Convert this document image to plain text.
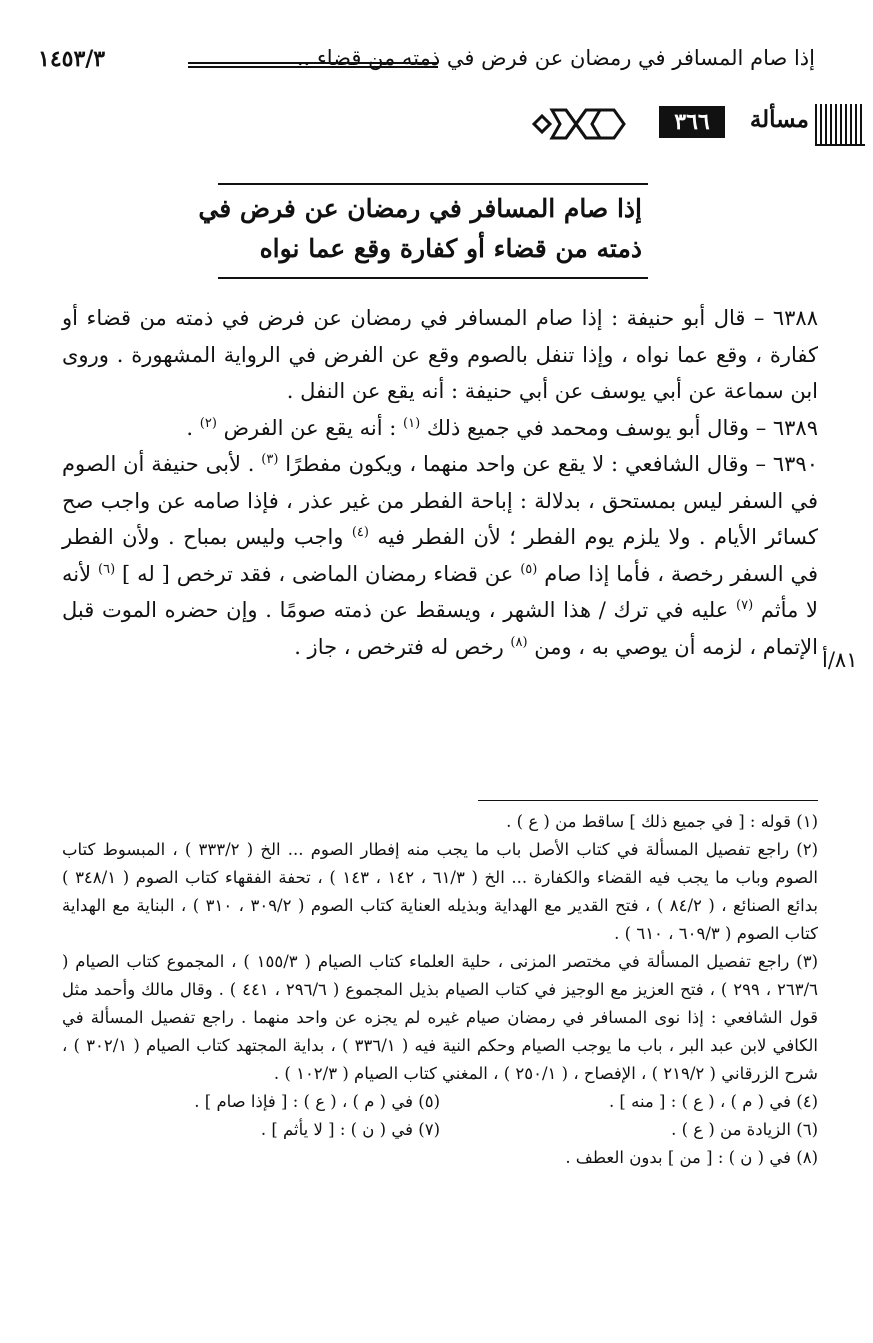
إذا صام المسافر في رمضان عن فرض في ذمته من قضاء ..
١٤٥٣/٣
مسألة
٣٦٦
إذا صام المسافر في رمضان عن فرض في
ذمته من قضاء أو كفارة وقع عما نواه

٦٣٨٨ – قال أبو حنيفة : إذا صام المسافر في رمضان عن فرض في ذمته من قضاء أو كفارة ، وقع عما نواه ، وإذا تنفل بالصوم وقع عن الفرض في الرواية المشهورة . وروى ابن سماعة عن أبي يوسف عن أبي حنيفة : أنه يقع عن النفل .

٦٣٨٩ – وقال أبو يوسف ومحمد في جميع ذلك $^{(١)}$ : أنه يقع عن الفرض $^{(٢)}$ .

٦٣٩٠ – وقال الشافعي : لا يقع عن واحد منهما ، ويكون مفطرًا $^{(٣)}$ . لأبى حنيفة أن الصوم في السفر ليس بمستحق ، بدلالة : إباحة الفطر من غير عذر ، فإذا صامه عن واجب صح كسائر الأيام . ولا يلزم يوم الفطر ؛ لأن الفطر فيه $^{(٤)}$ واجب وليس بمباح . ولأن الفطر في السفر رخصة ، فأما إذا صام $^{(٥)}$ عن قضاء رمضان الماضى ، فقد ترخص [ له ] $^{(٦)}$ لأنه لا مأثم $^{(٧)}$ عليه في ترك / هذا الشهر ، ويسقط عن ذمته صومًا . وإن حضره الموت قبل الإتمام ، لزمه أن يوصي به ، ومن $^{(٨)}$ رخص له فترخص ، جاز .

٨١/أ

(١) قوله : [ في جميع ذلك ] ساقط من ( ع ) .

(٢) راجع تفصيل المسألة في كتاب الأصل باب ما يجب منه إفطار الصوم ... الخ ( ٣٣٣/٢ ) ، المبسوط كتاب الصوم وباب ما يجب فيه القضاء والكفارة ... الخ ( ٦١/٣ ، ١٤٢ ، ١٤٣ ) ، تحفة الفقهاء كتاب الصوم ( ٣٤٨/١ ) بدائع الصنائع ، ( ٨٤/٢ ) ، فتح القدير مع الهداية وبذيله العناية كتاب الصوم ( ٣٠٩/٢ ، ٣١٠ ) ، البناية مع الهداية كتاب الصوم ( ٦٠٩/٣ ، ٦١٠ ) .

(٣) راجع تفصيل المسألة في مختصر المزنى ، حلية العلماء كتاب الصيام ( ١٥٥/٣ ) ، المجموع كتاب الصيام ( ٢٦٣/٦ ، ٢٩٩ ) ، فتح العزيز مع الوجيز في كتاب الصيام بذيل المجموع ( ٢٩٦/٦ ، ٤٤١ ) . وقال مالك وأحمد مثل قول الشافعي : إذا نوى المسافر في رمضان صيام غيره لم يجزه عن واحد منهما . راجع تفصيل المسألة في الكافي لابن عبد البر ، باب ما يوجب الصيام وحكم النية فيه ( ٣٣٦/١ ) ، بداية المجتهد كتاب الصيام ( ٣٠٢/١ ) ، شرح الزرقاني ( ٢١٩/٢ ) ، الإفصاح ، ( ٢٥٠/١ ) ، المغني كتاب الصيام ( ١٠٢/٣ ) .

(٤) في ( م ) ، ( ع ) : [ منه ] .
(٥) في ( م ) ، ( ع ) : [ فإذا صام ] .
(٦) الزيادة من ( ع ) .
(٧) في ( ن ) : [ لا يأثم ] .

(٨) في ( ن ) : [ من ] بدون العطف .
